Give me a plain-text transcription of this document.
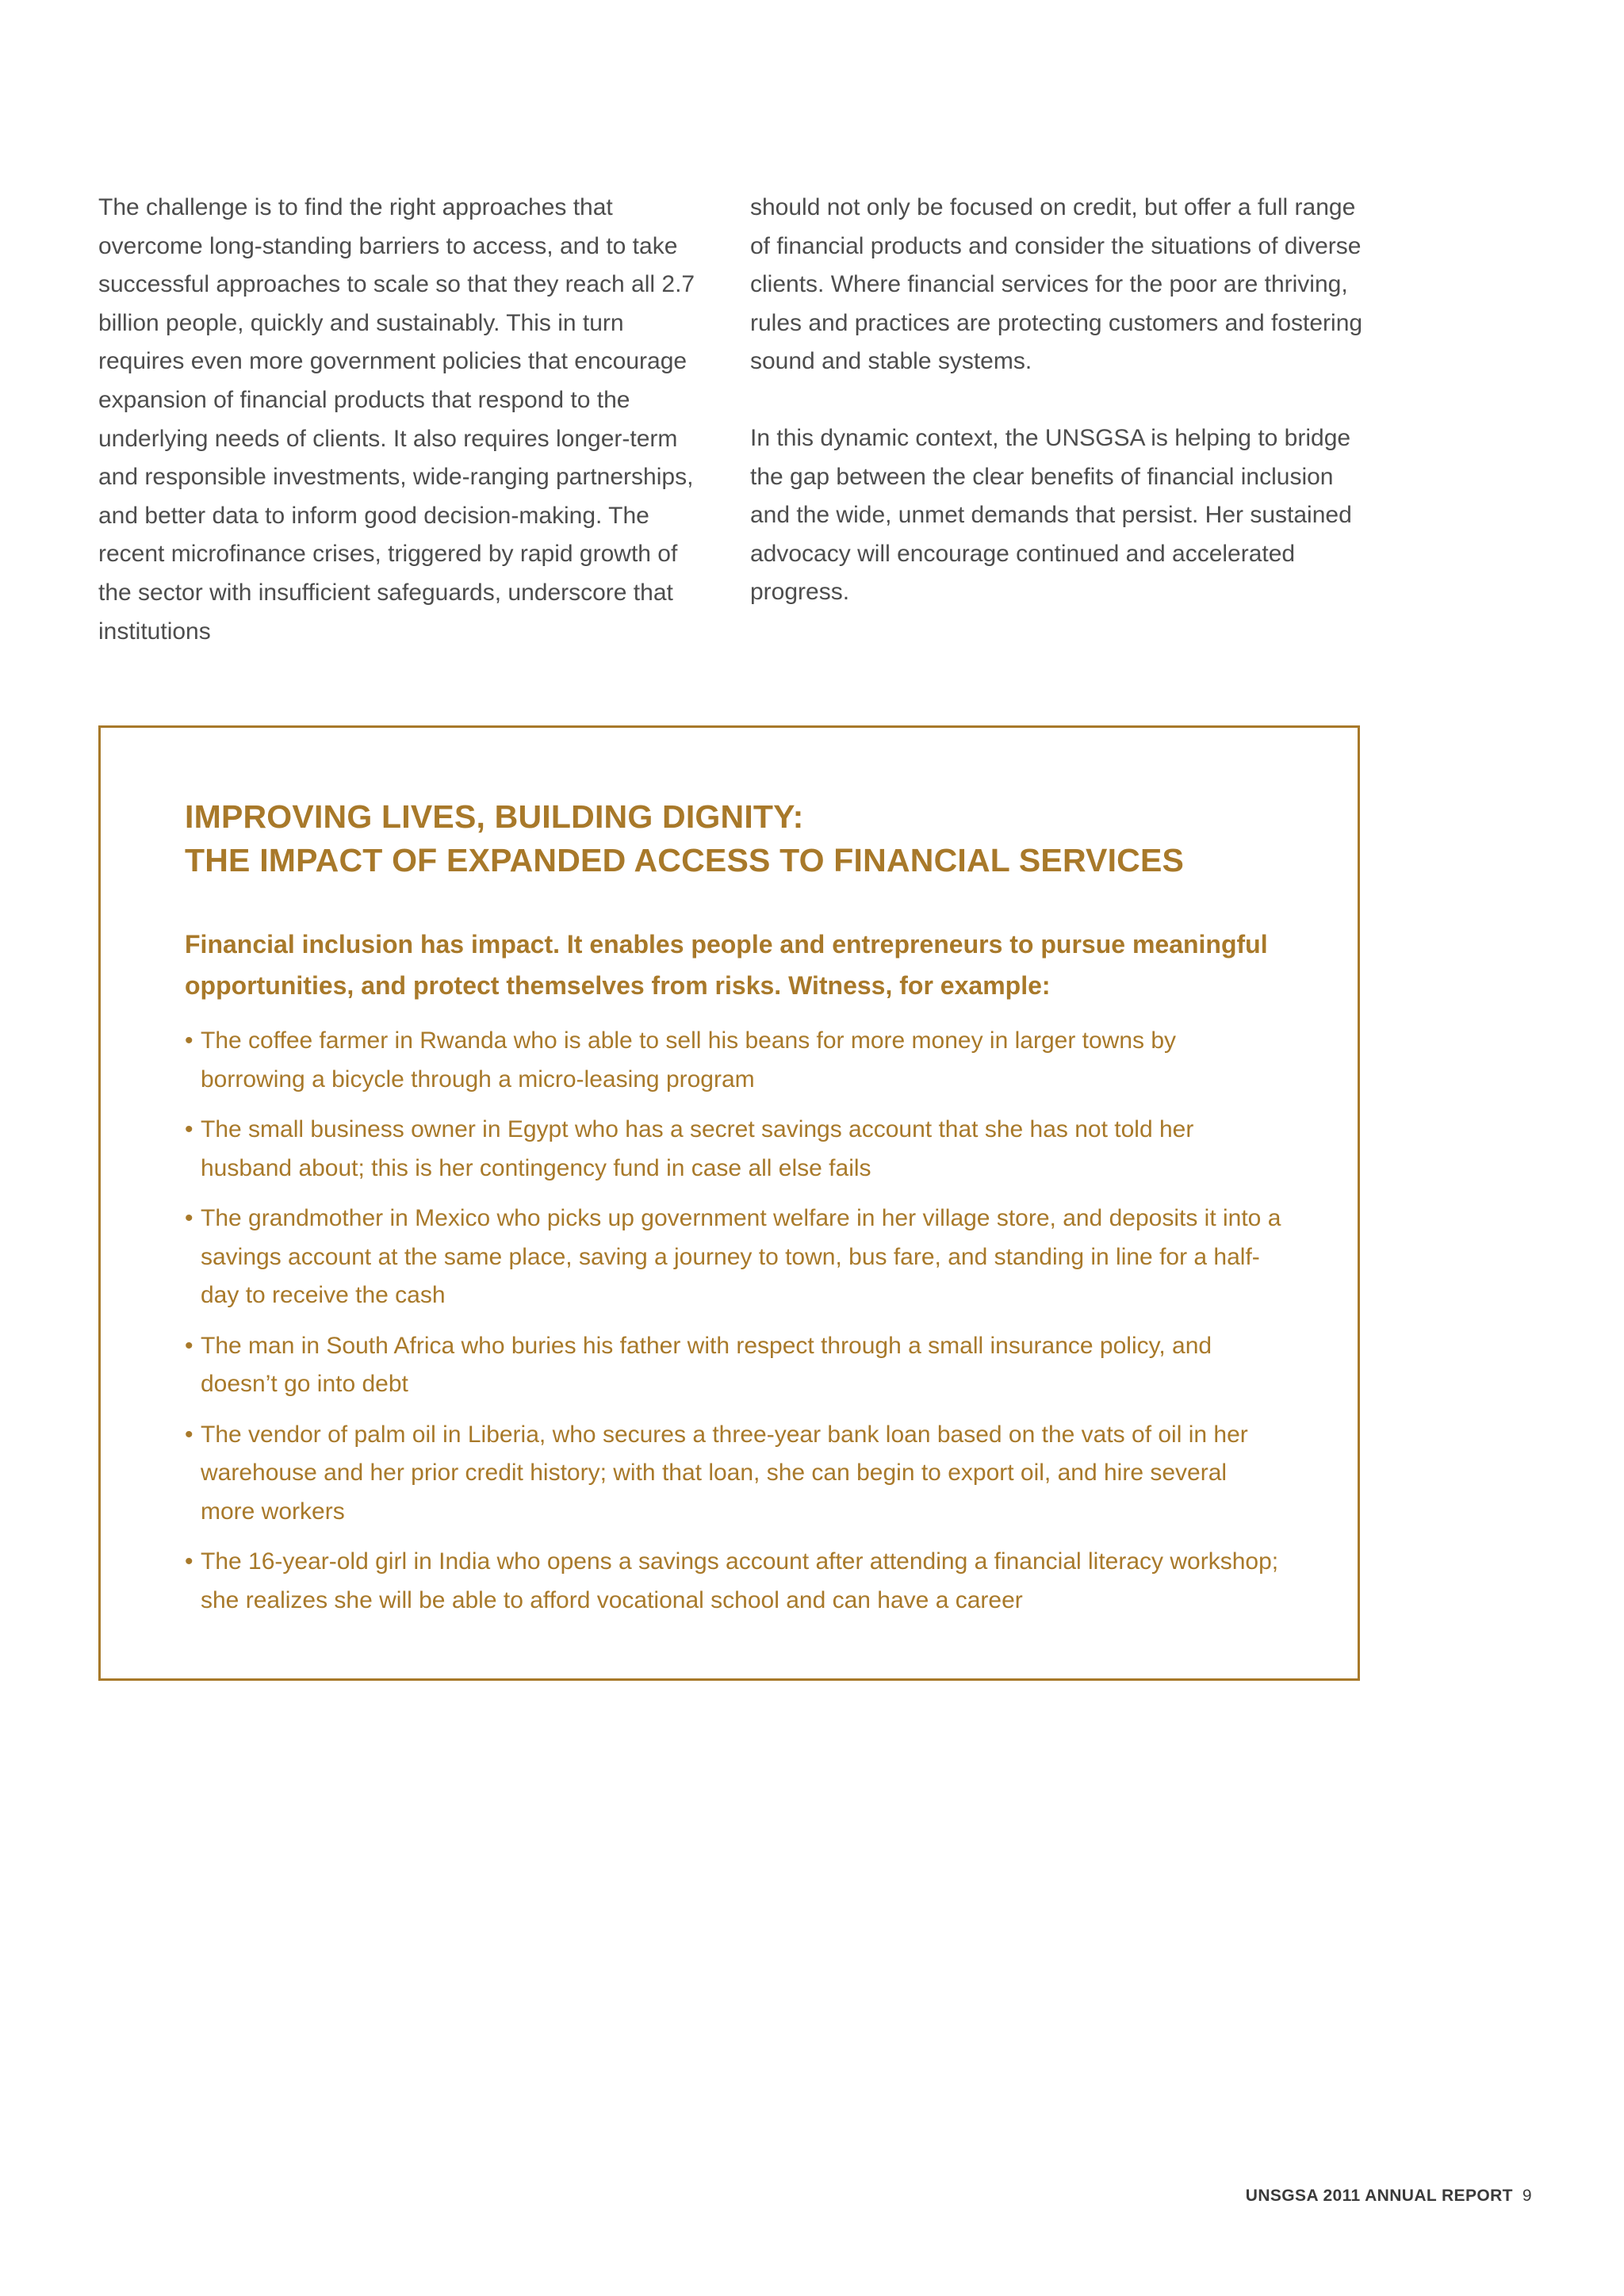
The challenge is to find the right approaches that overcome long-standing barriers to access, and to take successful approaches to scale so that they reach all 2.7 billion people, quickly and sustainably. This in turn requires even more government policies that encourage expansion of financial products that respond to the underlying needs of clients. It also requires longer-term and responsible investments, wide-ranging partnerships, and better data to inform good decision-making. The recent microfinance crises, triggered by rapid growth of the sector with insufficient safeguards, underscore that institutions

should not only be focused on credit, but offer a full range of financial products and consider the situations of diverse clients. Where financial services for the poor are thriving, rules and practices are protecting customers and fostering sound and stable systems.

In this dynamic context, the UNSGSA is helping to bridge the gap between the clear benefits of financial inclusion and the wide, unmet demands that persist. Her sustained advocacy will encourage continued and accelerated progress.

IMPROVING LIVES, BUILDING DIGNITY:
THE IMPACT OF EXPANDED ACCESS TO FINANCIAL SERVICES

Financial inclusion has impact. It enables people and entrepreneurs to pursue meaningful opportunities, and protect themselves from risks. Witness, for example:

• The coffee farmer in Rwanda who is able to sell his beans for more money in larger towns by borrowing a bicycle through a micro-leasing program
• The small business owner in Egypt who has a secret savings account that she has not told her husband about; this is her contingency fund in case all else fails
• The grandmother in Mexico who picks up government welfare in her village store, and deposits it into a savings account at the same place, saving a journey to town, bus fare, and standing in line for a half-day to receive the cash
• The man in South Africa who buries his father with respect through a small insurance policy, and doesn’t go into debt
• The vendor of palm oil in Liberia, who secures a three-year bank loan based on the vats of oil in her warehouse and her prior credit history; with that loan, she can begin to export oil, and hire several more workers
• The 16-year-old girl in India who opens a savings account after attending a financial literacy workshop; she realizes she will be able to afford vocational school and can have a career
UNSGSA 2011 ANNUAL REPORT 9
